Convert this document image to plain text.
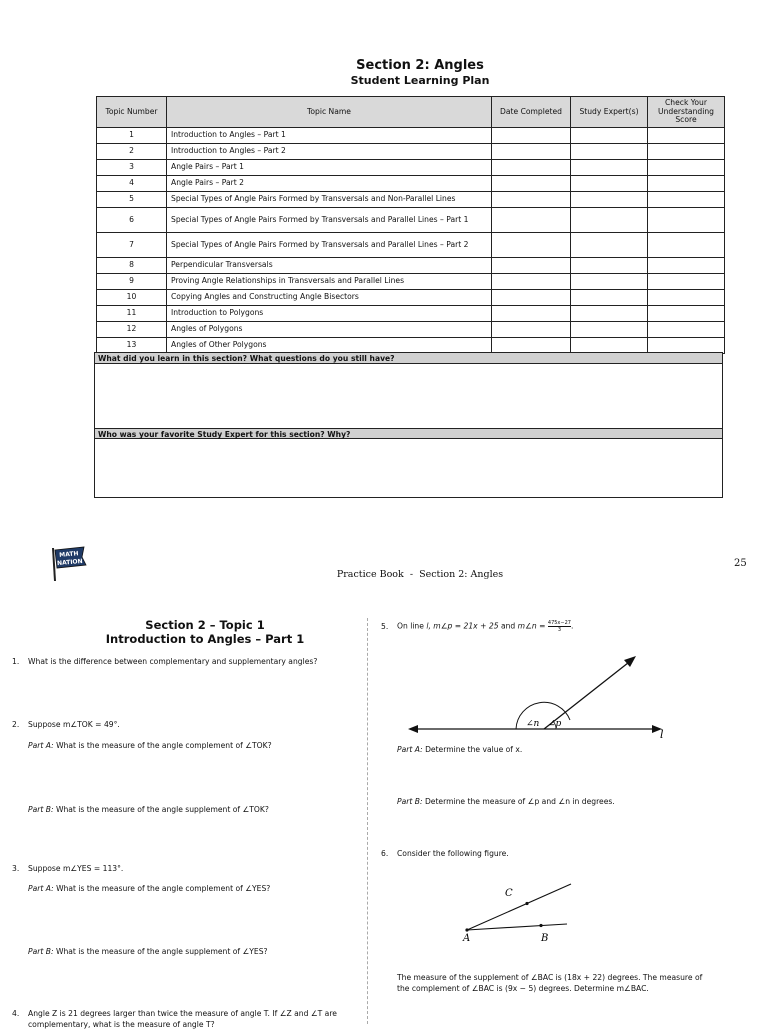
Section 2: Angles
Student Learning Plan
Topic Number	Topic Name	Date Completed	Study Expert(s)	Check Your Understanding Score
1	Introduction to Angles – Part 1			
2	Introduction to Angles – Part 2			
3	Angle Pairs – Part 1			
4	Angle Pairs – Part 2			
5	Special Types of Angle Pairs Formed by Transversals and Non-Parallel Lines			
6	Special Types of Angle Pairs Formed by Transversals and Parallel Lines – Part 1			
7	Special Types of Angle Pairs Formed by Transversals and Parallel Lines – Part 2			
8	Perpendicular Transversals			
9	Proving Angle Relationships in Transversals and Parallel Lines			
10	Copying Angles and Constructing Angle Bisectors			
11	Introduction to Polygons			
12	Angles of Polygons			
13	Angles of Other Polygons			
What did you learn in this section? What questions do you still have?
Who was your favorite Study Expert for this section? Why?
MATH
NATION
Practice Book  -  Section 2: Angles
25
Section 2 – Topic 1
Introduction to Angles – Part 1
1. What is the difference between complementary and supplementary angles?
2. Suppose m∠TOK = 49°.
Part A: What is the measure of the angle complement of ∠TOK?
Part B: What is the measure of the angle supplement of ∠TOK?
3. Suppose m∠YES = 113°.
Part A: What is the measure of the angle complement of ∠YES?
Part B: What is the measure of the angle supplement of ∠YES?
4. Angle Z is 21 degrees larger than twice the measure of angle T. If ∠Z and ∠T are complementary, what is the measure of angle T?
5. On line l, m∠p = 21x + 25 and m∠n = $\frac{475x-27}{3}$ .
∠n ∠p
l
Part A: Determine the value of x.
Part B: Determine the measure of ∠p and ∠n in degrees.
6. Consider the following figure.
A	B
C
The measure of the supplement of ∠BAC is (18x + 22) degrees. The measure of the complement of ∠BAC is (9x − 5) degrees. Determine m∠BAC.
